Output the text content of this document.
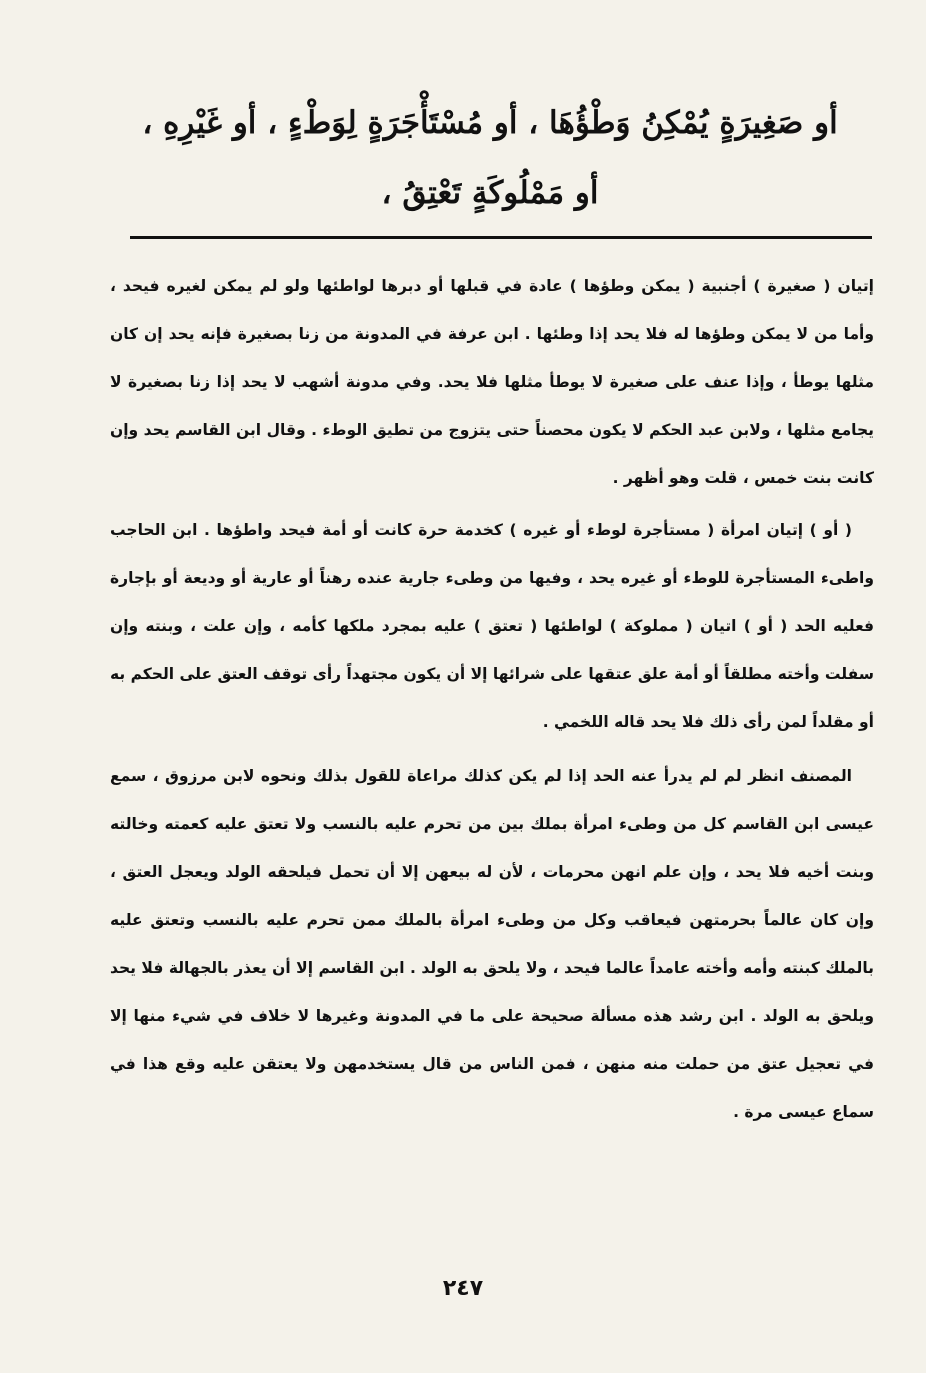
أو صَغِيرَةٍ يُمْكِنُ وَطْؤُهَا ، أو مُسْتَأْجَرَةٍ لِوَطْءٍ ، أو غَيْرِهِ ،
أو مَمْلُوكَةٍ تَعْتِقُ ،

إتيان ( صغيرة ) أجنبية ( يمكن وطؤها ) عادة في قبلها أو دبرها لواطئها ولو لم يمكن لغيره فيحد ، وأما من لا يمكن وطؤها له فلا يحد إذا وطئها . ابن عرفة في المدونة من زنا بصغيرة فإنه يحد إن كان مثلها يوطأ ، وإذا عنف على صغيرة لا يوطأ مثلها فلا يحد. وفي مدونة أشهب لا يحد إذا زنا بصغيرة لا يجامع مثلها ، ولابن عبد الحكم لا يكون محصناً حتى يتزوج من تطيق الوطء . وقال ابن القاسم يحد وإن كانت بنت خمس ، قلت وهو أظهر .

( أو ) إتيان امرأة ( مستأجرة لوطء أو غيره ) كخدمة حرة كانت أو أمة فيحد واطؤها . ابن الحاجب واطىء المستأجرة للوطء أو غيره يحد ، وفيها من وطىء جارية عنده رهناً أو عارية أو وديعة أو بإجارة فعليه الحد ( أو ) اتيان ( مملوكة ) لواطئها ( تعتق ) عليه بمجرد ملكها كأمه ، وإن علت ، وبنته وإن سفلت وأخته مطلقاً أو أمة علق عتقها على شرائها إلا أن يكون مجتهداً رأى توقف العتق على الحكم به أو مقلداً لمن رأى ذلك فلا يحد قاله اللخمي .

المصنف انظر لم لم يدرأ عنه الحد إذا لم يكن كذلك مراعاة للقول بذلك ونحوه لابن مرزوق ، سمع عيسى ابن القاسم كل من وطىء امرأة بملك بين من تحرم عليه بالنسب ولا تعتق عليه كعمته وخالته وبنت أخيه فلا يحد ، وإن علم انهن محرمات ، لأن له بيعهن إلا أن تحمل فيلحقه الولد ويعجل العتق ، وإن كان عالماً بحرمتهن فيعاقب وكل من وطىء امرأة بالملك ممن تحرم عليه بالنسب وتعتق عليه بالملك كبنته وأمه وأخته عامداً عالما فيحد ، ولا يلحق به الولد . ابن القاسم إلا أن يعذر بالجهالة فلا يحد ويلحق به الولد . ابن رشد هذه مسألة صحيحة على ما في المدونة وغيرها لا خلاف في شيء منها إلا في تعجيل عتق من حملت منه منهن ، فمن الناس من قال يستخدمهن ولا يعتقن عليه وقع هذا في سماع عيسى مرة .

٢٤٧
